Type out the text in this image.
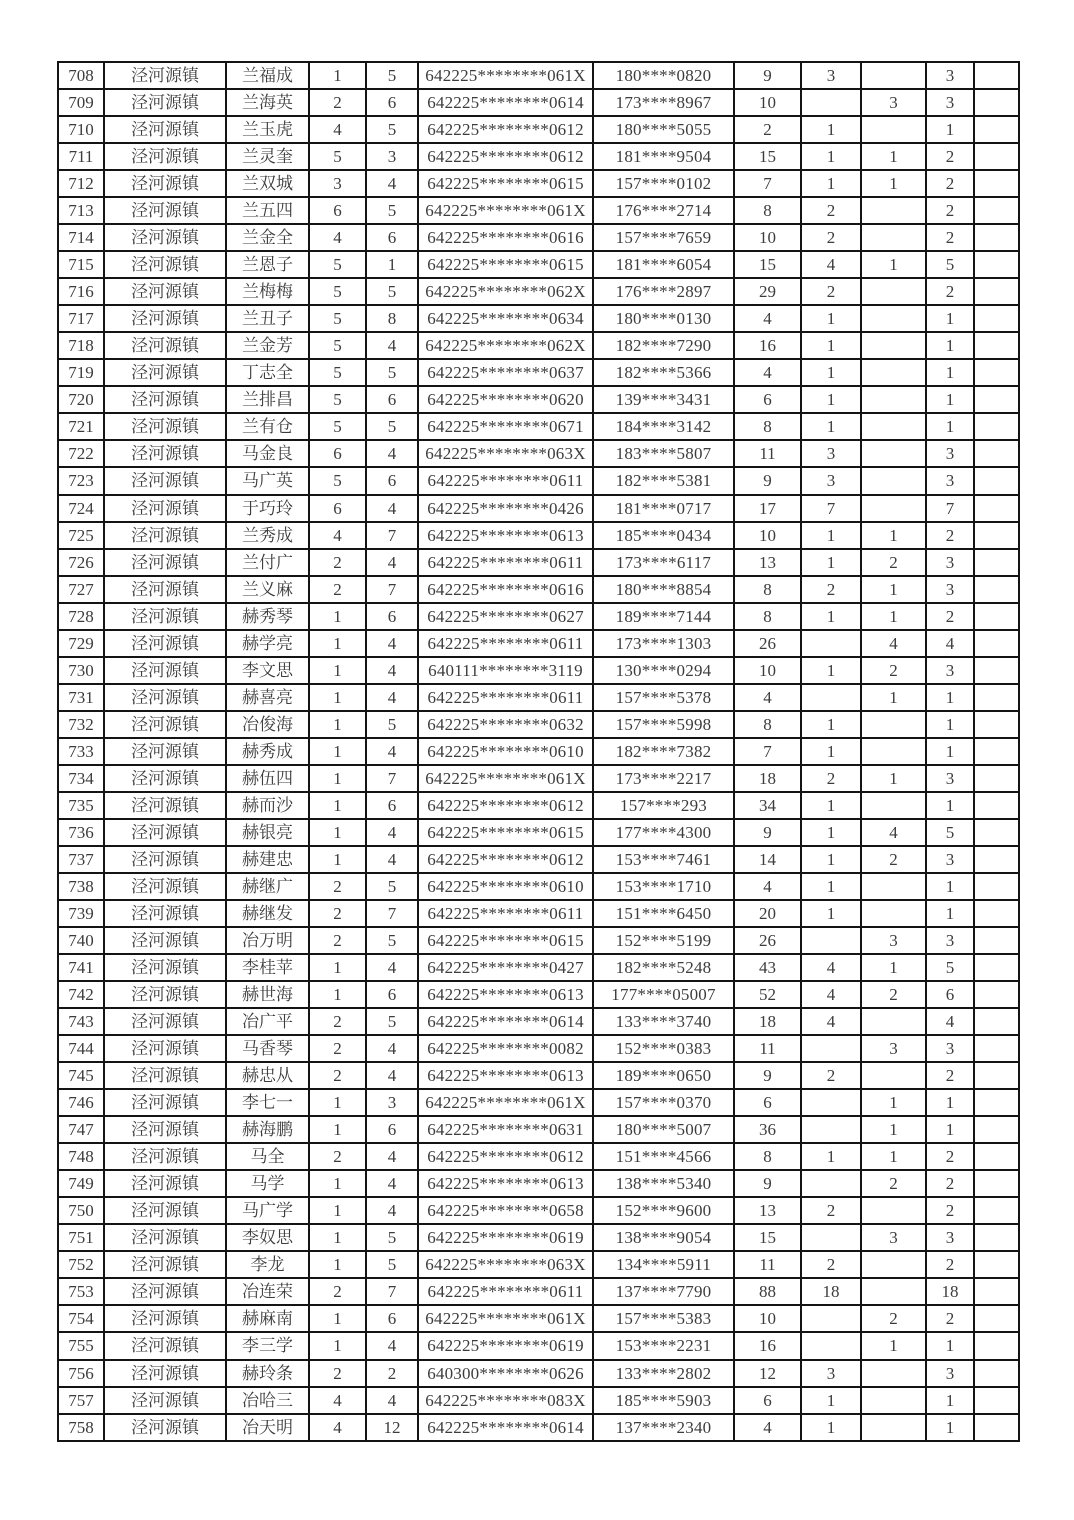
708	泾河源镇	兰福成	1	5	642225********061X	180****0820	9	3		3	
709	泾河源镇	兰海英	2	6	642225********0614	173****8967	10		3	3	
710	泾河源镇	兰玉虎	4	5	642225********0612	180****5055	2	1		1	
711	泾河源镇	兰灵奎	5	3	642225********0612	181****9504	15	1	1	2	
712	泾河源镇	兰双城	3	4	642225********0615	157****0102	7	1	1	2	
713	泾河源镇	兰五四	6	5	642225********061X	176****2714	8	2		2	
714	泾河源镇	兰金全	4	6	642225********0616	157****7659	10	2		2	
715	泾河源镇	兰恩子	5	1	642225********0615	181****6054	15	4	1	5	
716	泾河源镇	兰梅梅	5	5	642225********062X	176****2897	29	2		2	
717	泾河源镇	兰丑子	5	8	642225********0634	180****0130	4	1		1	
718	泾河源镇	兰金芳	5	4	642225********062X	182****7290	16	1		1	
719	泾河源镇	丁志全	5	5	642225********0637	182****5366	4	1		1	
720	泾河源镇	兰排昌	5	6	642225********0620	139****3431	6	1		1	
721	泾河源镇	兰有仓	5	5	642225********0671	184****3142	8	1		1	
722	泾河源镇	马金良	6	4	642225********063X	183****5807	11	3		3	
723	泾河源镇	马广英	5	6	642225********0611	182****5381	9	3		3	
724	泾河源镇	于巧玲	6	4	642225********0426	181****0717	17	7		7	
725	泾河源镇	兰秀成	4	7	642225********0613	185****0434	10	1	1	2	
726	泾河源镇	兰付广	2	4	642225********0611	173****6117	13	1	2	3	
727	泾河源镇	兰义麻	2	7	642225********0616	180****8854	8	2	1	3	
728	泾河源镇	赫秀琴	1	6	642225********0627	189****7144	8	1	1	2	
729	泾河源镇	赫学亮	1	4	642225********0611	173****1303	26		4	4	
730	泾河源镇	李文思	1	4	640111********3119	130****0294	10	1	2	3	
731	泾河源镇	赫喜亮	1	4	642225********0611	157****5378	4		1	1	
732	泾河源镇	冶俊海	1	5	642225********0632	157****5998	8	1		1	
733	泾河源镇	赫秀成	1	4	642225********0610	182****7382	7	1		1	
734	泾河源镇	赫伍四	1	7	642225********061X	173****2217	18	2	1	3	
735	泾河源镇	赫而沙	1	6	642225********0612	157****293	34	1		1	
736	泾河源镇	赫银亮	1	4	642225********0615	177****4300	9	1	4	5	
737	泾河源镇	赫建忠	1	4	642225********0612	153****7461	14	1	2	3	
738	泾河源镇	赫继广	2	5	642225********0610	153****1710	4	1		1	
739	泾河源镇	赫继发	2	7	642225********0611	151****6450	20	1		1	
740	泾河源镇	冶万明	2	5	642225********0615	152****5199	26		3	3	
741	泾河源镇	李桂苹	1	4	642225********0427	182****5248	43	4	1	5	
742	泾河源镇	赫世海	1	6	642225********0613	177****05007	52	4	2	6	
743	泾河源镇	冶广平	2	5	642225********0614	133****3740	18	4		4	
744	泾河源镇	马香琴	2	4	642225********0082	152****0383	11		3	3	
745	泾河源镇	赫忠从	2	4	642225********0613	189****0650	9	2		2	
746	泾河源镇	李七一	1	3	642225********061X	157****0370	6		1	1	
747	泾河源镇	赫海鹏	1	6	642225********0631	180****5007	36		1	1	
748	泾河源镇	马全	2	4	642225********0612	151****4566	8	1	1	2	
749	泾河源镇	马学	1	4	642225********0613	138****5340	9		2	2	
750	泾河源镇	马广学	1	4	642225********0658	152****9600	13	2		2	
751	泾河源镇	李奴思	1	5	642225********0619	138****9054	15		3	3	
752	泾河源镇	李龙	1	5	642225********063X	134****5911	11	2		2	
753	泾河源镇	冶连荣	2	7	642225********0611	137****7790	88	18		18	
754	泾河源镇	赫麻南	1	6	642225********061X	157****5383	10		2	2	
755	泾河源镇	李三学	1	4	642225********0619	153****2231	16		1	1	
756	泾河源镇	赫玲条	2	2	640300********0626	133****2802	12	3		3	
757	泾河源镇	冶哈三	4	4	642225********083X	185****5903	6	1		1	
758	泾河源镇	冶天明	4	12	642225********0614	137****2340	4	1		1	
